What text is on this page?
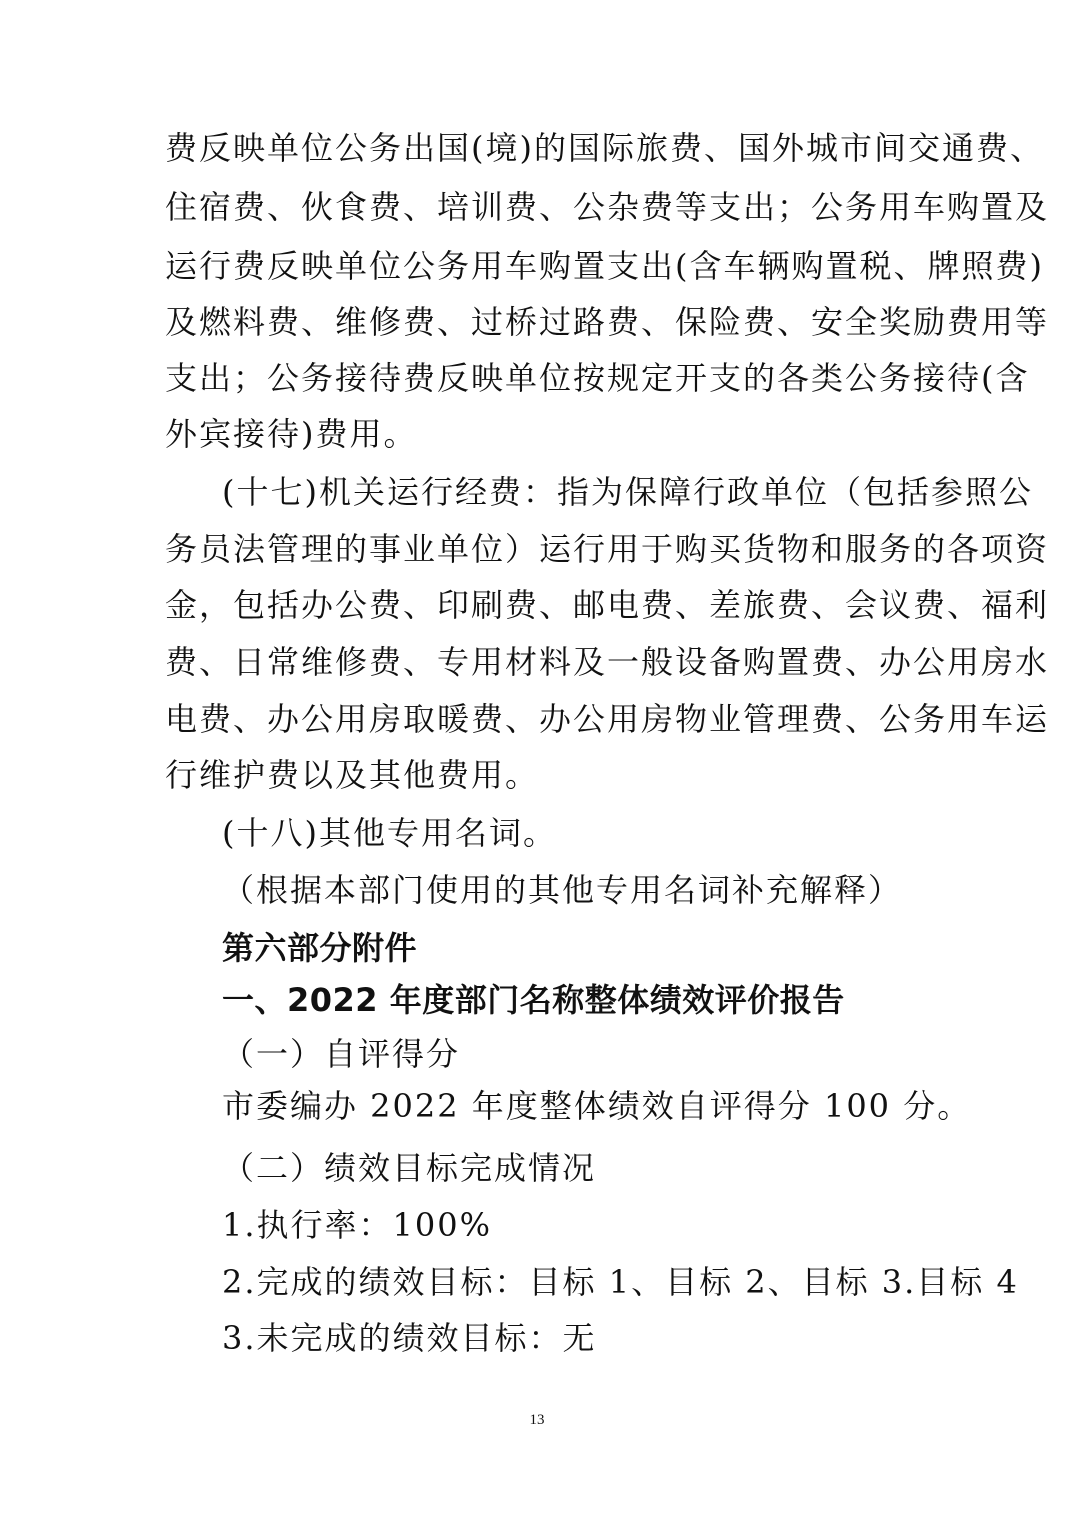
费反映单位公务出国(境)的国际旅费、国外城市间交通费、
住宿费、伙食费、培训费、公杂费等支出；公务用车购置及
运行费反映单位公务用车购置支出(含车辆购置税、牌照费)
及燃料费、维修费、过桥过路费、保险费、安全奖励费用等
支出；公务接待费反映单位按规定开支的各类公务接待(含
外宾接待)费用。
(十七)机关运行经费：指为保障行政单位（包括参照公
务员法管理的事业单位）运行用于购买货物和服务的各项资
金，包括办公费、印刷费、邮电费、差旅费、会议费、福利
费、日常维修费、专用材料及一般设备购置费、办公用房水
电费、办公用房取暖费、办公用房物业管理费、公务用车运
行维护费以及其他费用。
(十八)其他专用名词。
（根据本部门使用的其他专用名词补充解释）
第六部分附件
一、2022 年度部门名称整体绩效评价报告
（一）自评得分
市委编办 2022 年度整体绩效自评得分 100 分。
（二）绩效目标完成情况
1.执行率：100%
2.完成的绩效目标：目标 1、目标 2、目标 3.目标 4
3.未完成的绩效目标：无
13
